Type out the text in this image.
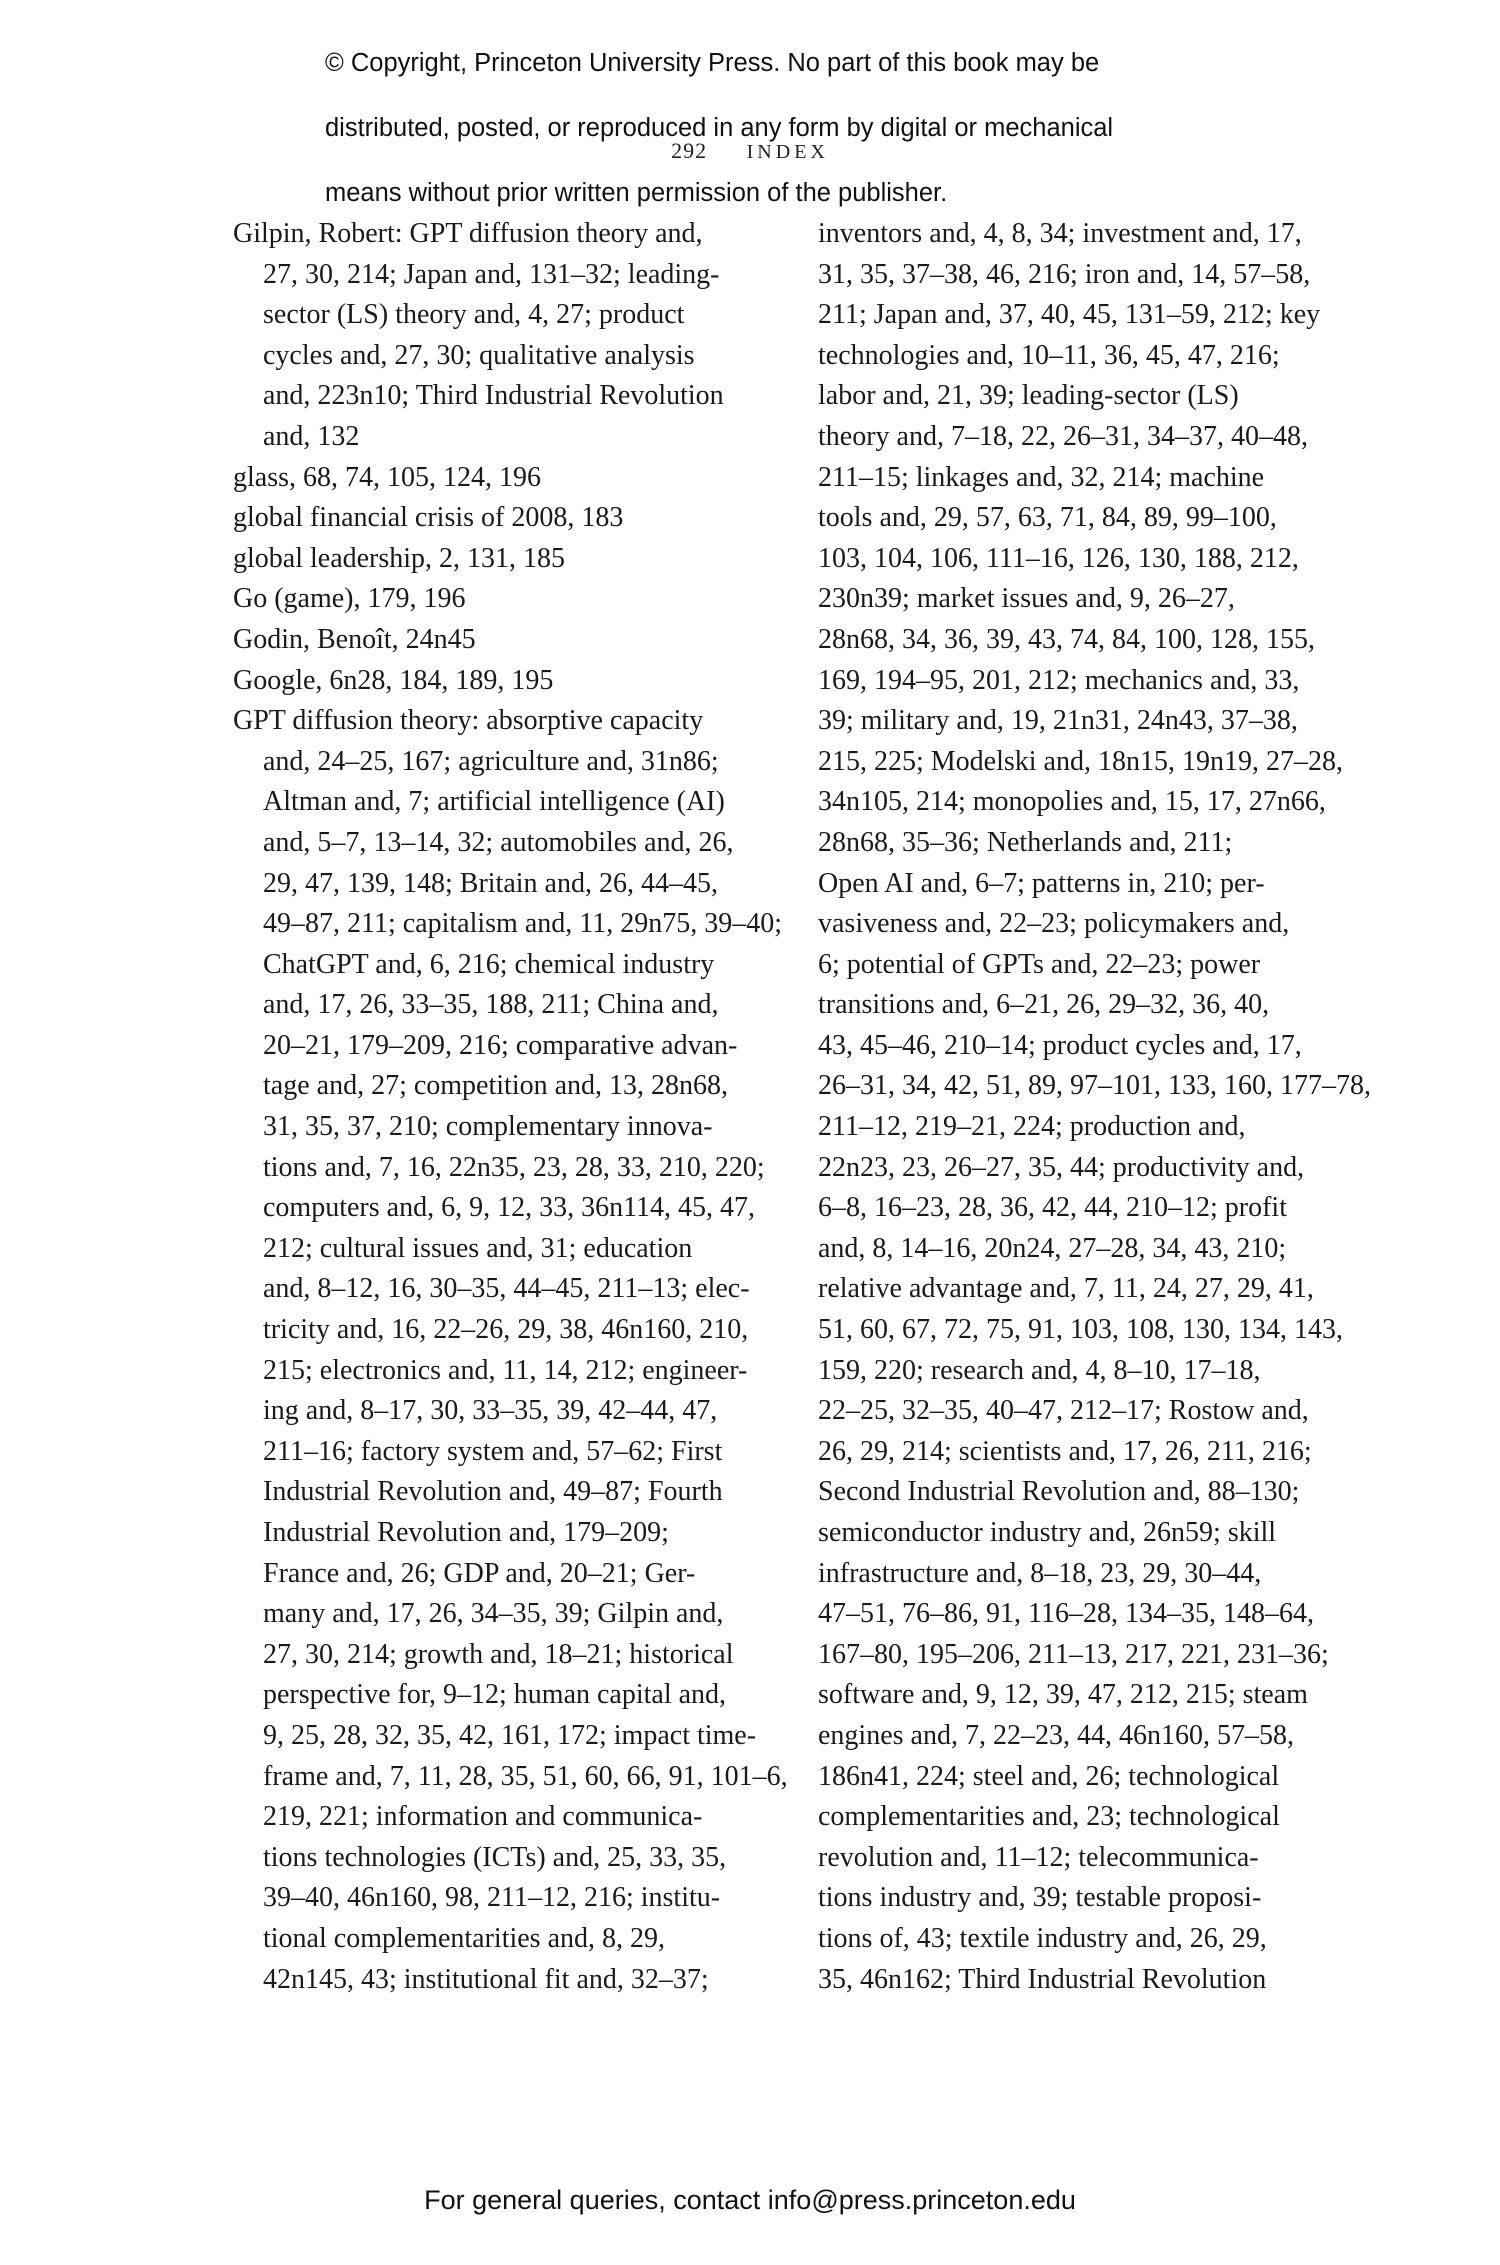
© Copyright, Princeton University Press. No part of this book may be

distributed, posted, or reproduced in any form by digital or mechanical

means without prior written permission of the publisher.

292 INDEX
Gilpin, Robert: GPT diffusion theory and,
27, 30, 214; Japan and, 131–32; leading-
sector (LS) theory and, 4, 27; product
cycles and, 27, 30; qualitative analysis
and, 223n10; Third Industrial Revolution
and, 132
glass, 68, 74, 105, 124, 196
global financial crisis of 2008, 183
global leadership, 2, 131, 185
Go (game), 179, 196
Godin, Benoît, 24n45
Google, 6n28, 184, 189, 195
GPT diffusion theory: absorptive capacity
and, 24–25, 167; agriculture and, 31n86;
Altman and, 7; artificial intelligence (AI)
and, 5–7, 13–14, 32; automobiles and, 26,
29, 47, 139, 148; Britain and, 26, 44–45,
49–87, 211; capitalism and, 11, 29n75, 39–40;
ChatGPT and, 6, 216; chemical industry
and, 17, 26, 33–35, 188, 211; China and,
20–21, 179–209, 216; comparative advan-
tage and, 27; competition and, 13, 28n68,
31, 35, 37, 210; complementary innova-
tions and, 7, 16, 22n35, 23, 28, 33, 210, 220;
computers and, 6, 9, 12, 33, 36n114, 45, 47,
212; cultural issues and, 31; education
and, 8–12, 16, 30–35, 44–45, 211–13; elec-
tricity and, 16, 22–26, 29, 38, 46n160, 210,
215; electronics and, 11, 14, 212; engineer-
ing and, 8–17, 30, 33–35, 39, 42–44, 47,
211–16; factory system and, 57–62; First
Industrial Revolution and, 49–87; Fourth
Industrial Revolution and, 179–209;
France and, 26; GDP and, 20–21; Ger-
many and, 17, 26, 34–35, 39; Gilpin and,
27, 30, 214; growth and, 18–21; historical
perspective for, 9–12; human capital and,
9, 25, 28, 32, 35, 42, 161, 172; impact time-
frame and, 7, 11, 28, 35, 51, 60, 66, 91, 101–6,
219, 221; information and communica-
tions technologies (ICTs) and, 25, 33, 35,
39–40, 46n160, 98, 211–12, 216; institu-
tional complementarities and, 8, 29,
42n145, 43; institutional fit and, 32–37;
inventors and, 4, 8, 34; investment and, 17,
31, 35, 37–38, 46, 216; iron and, 14, 57–58,
211; Japan and, 37, 40, 45, 131–59, 212; key
technologies and, 10–11, 36, 45, 47, 216;
labor and, 21, 39; leading-sector (LS)
theory and, 7–18, 22, 26–31, 34–37, 40–48,
211–15; linkages and, 32, 214; machine
tools and, 29, 57, 63, 71, 84, 89, 99–100,
103, 104, 106, 111–16, 126, 130, 188, 212,
230n39; market issues and, 9, 26–27,
28n68, 34, 36, 39, 43, 74, 84, 100, 128, 155,
169, 194–95, 201, 212; mechanics and, 33,
39; military and, 19, 21n31, 24n43, 37–38,
215, 225; Modelski and, 18n15, 19n19, 27–28,
34n105, 214; monopolies and, 15, 17, 27n66,
28n68, 35–36; Netherlands and, 211;
Open AI and, 6–7; patterns in, 210; per-
vasiveness and, 22–23; policymakers and,
6; potential of GPTs and, 22–23; power
transitions and, 6–21, 26, 29–32, 36, 40,
43, 45–46, 210–14; product cycles and, 17,
26–31, 34, 42, 51, 89, 97–101, 133, 160, 177–78,
211–12, 219–21, 224; production and,
22n23, 23, 26–27, 35, 44; productivity and,
6–8, 16–23, 28, 36, 42, 44, 210–12; profit
and, 8, 14–16, 20n24, 27–28, 34, 43, 210;
relative advantage and, 7, 11, 24, 27, 29, 41,
51, 60, 67, 72, 75, 91, 103, 108, 130, 134, 143,
159, 220; research and, 4, 8–10, 17–18,
22–25, 32–35, 40–47, 212–17; Rostow and,
26, 29, 214; scientists and, 17, 26, 211, 216;
Second Industrial Revolution and, 88–130;
semiconductor industry and, 26n59; skill
infrastructure and, 8–18, 23, 29, 30–44,
47–51, 76–86, 91, 116–28, 134–35, 148–64,
167–80, 195–206, 211–13, 217, 221, 231–36;
software and, 9, 12, 39, 47, 212, 215; steam
engines and, 7, 22–23, 44, 46n160, 57–58,
186n41, 224; steel and, 26; technological
complementarities and, 23; technological
revolution and, 11–12; telecommunica-
tions industry and, 39; testable proposi-
tions of, 43; textile industry and, 26, 29,
35, 46n162; Third Industrial Revolution
For general queries, contact info@press.princeton.edu
